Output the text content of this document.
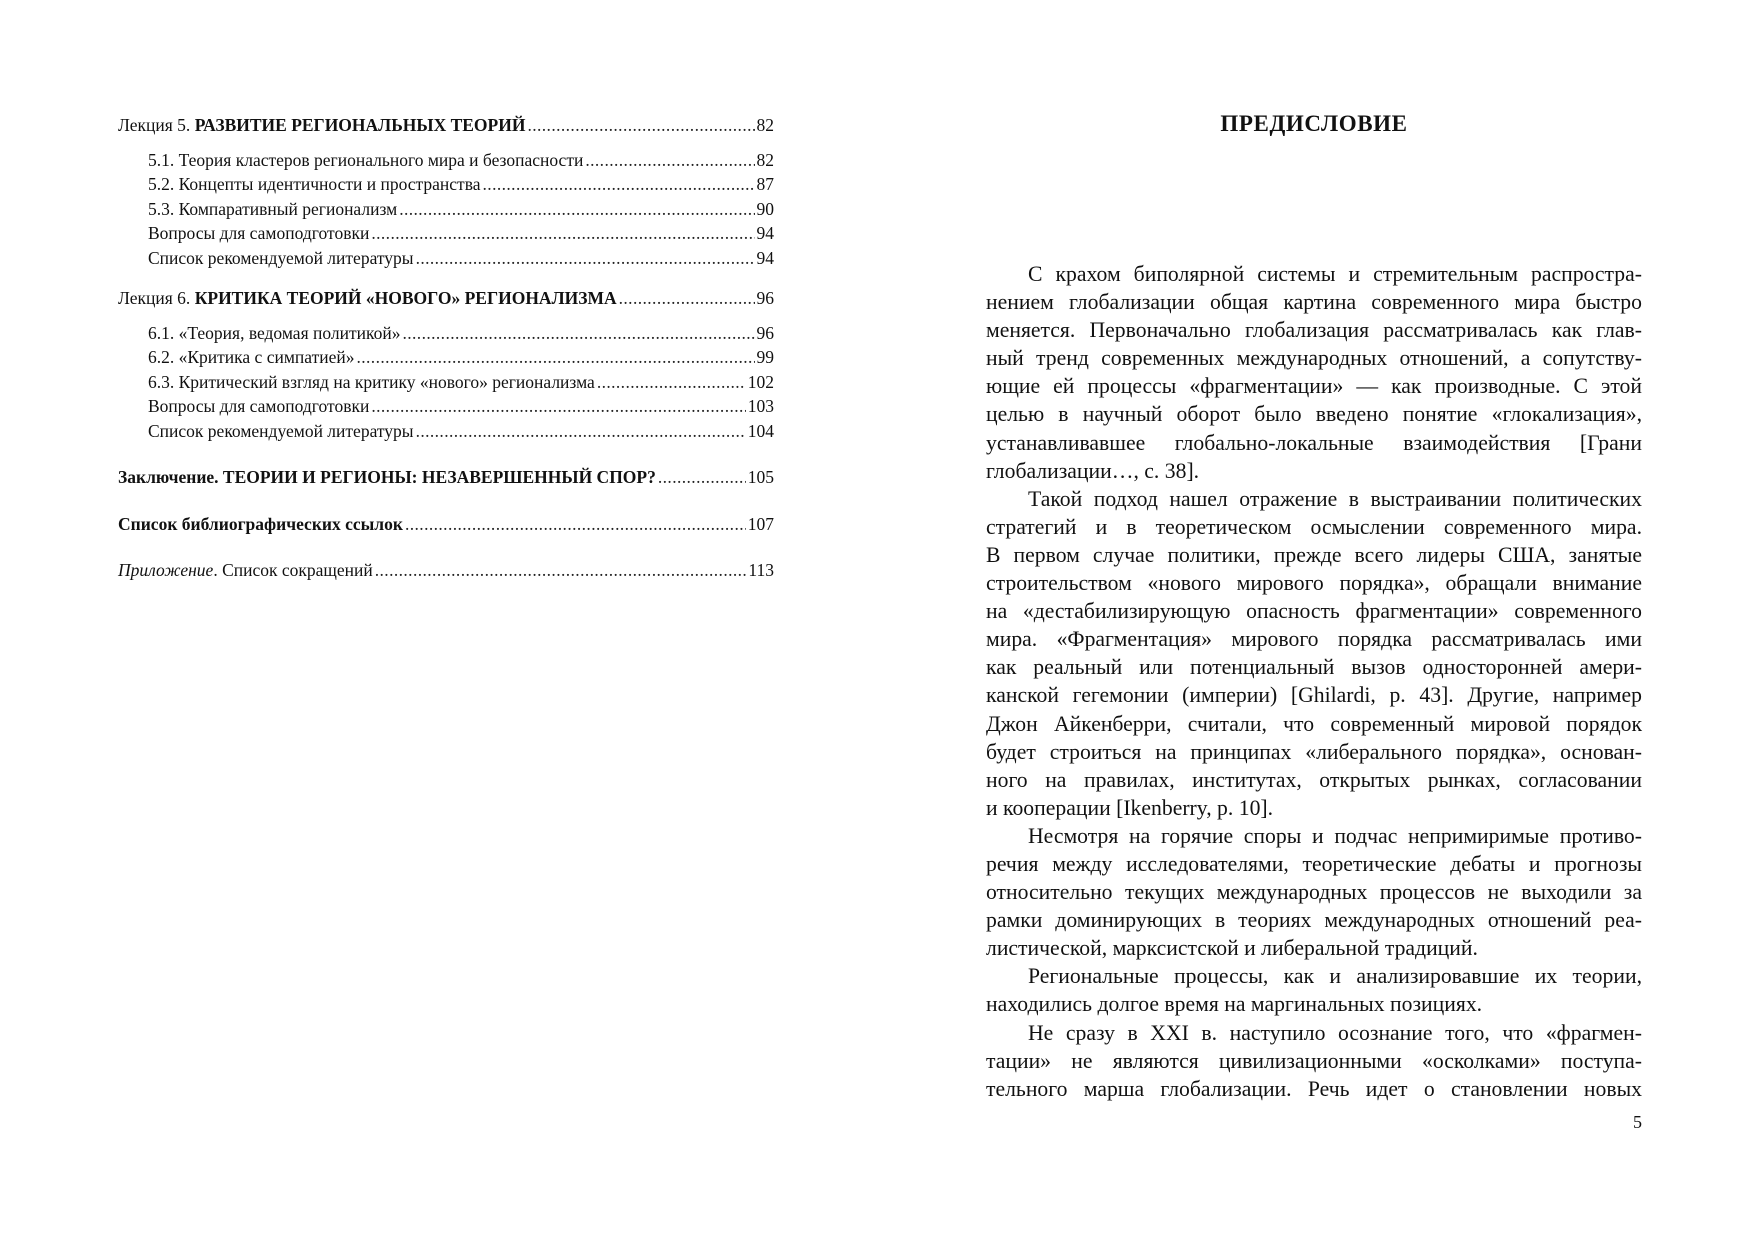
Лекция 5. РАЗВИТИЕ РЕГИОНАЛЬНЫХ ТЕОРИЙ .....	82
5.1. Теория кластеров регионального мира и безопасности .....	82
5.2. Концепты идентичности и пространства .....	87
5.3. Компаративный регионализм .....	90
Вопросы для самоподготовки .....	94
Список рекомендуемой литературы .....	94
Лекция 6. КРИТИКА ТЕОРИЙ «НОВОГО» РЕГИОНАЛИЗМА .....	96
6.1. «Теория, ведомая политикой» .....	96
6.2. «Критика с симпатией» .....	99
6.3. Критический взгляд на критику «нового» регионализма .....	102
Вопросы для самоподготовки .....	103
Список рекомендуемой литературы .....	104
Заключение. ТЕОРИИ И РЕГИОНЫ: НЕЗАВЕРШЕННЫЙ СПОР? .....	105
Список библиографических ссылок .....	107
Приложение. Список сокращений .....	113
ПРЕДИСЛОВИЕ
С крахом биполярной системы и стремительным распростра-
нением глобализации общая картина современного мира быстро
меняется. Первоначально глобализация рассматривалась как глав-
ный тренд современных международных отношений, а сопутству-
ющие ей процессы «фрагментации» — как производные. С этой
целью в научный оборот было введено понятие «глокализация»,
устанавливавшее глобально-локальные взаимодействия [Грани
глобализации…, с. 38].
Такой подход нашел отражение в выстраивании политических
стратегий и в теоретическом осмыслении современного мира.
В первом случае политики, прежде всего лидеры США, занятые
строительством «нового мирового порядка», обращали внимание
на «дестабилизирующую опасность фрагментации» современного
мира. «Фрагментация» мирового порядка рассматривалась ими
как реальный или потенциальный вызов односторонней амери-
канской гегемонии (империи) [Ghilardi, p. 43]. Другие, например
Джон Айкенберри, считали, что современный мировой порядок
будет строиться на принципах «либерального порядка», основан-
ного на правилах, институтах, открытых рынках, согласовании
и кооперации [Ikenberry, p. 10].
Несмотря на горячие споры и подчас непримиримые противо-
речия между исследователями, теоретические дебаты и прогнозы
относительно текущих международных процессов не выходили за
рамки доминирующих в теориях международных отношений реа-
листической, марксистской и либеральной традиций.
Региональные процессы, как и анализировавшие их теории,
находились долгое время на маргинальных позициях.
Не сразу в XXI в. наступило осознание того, что «фрагмен-
тации» не являются цивилизационными «осколками» поступа-
тельного марша глобализации. Речь идет о становлении новых
5
